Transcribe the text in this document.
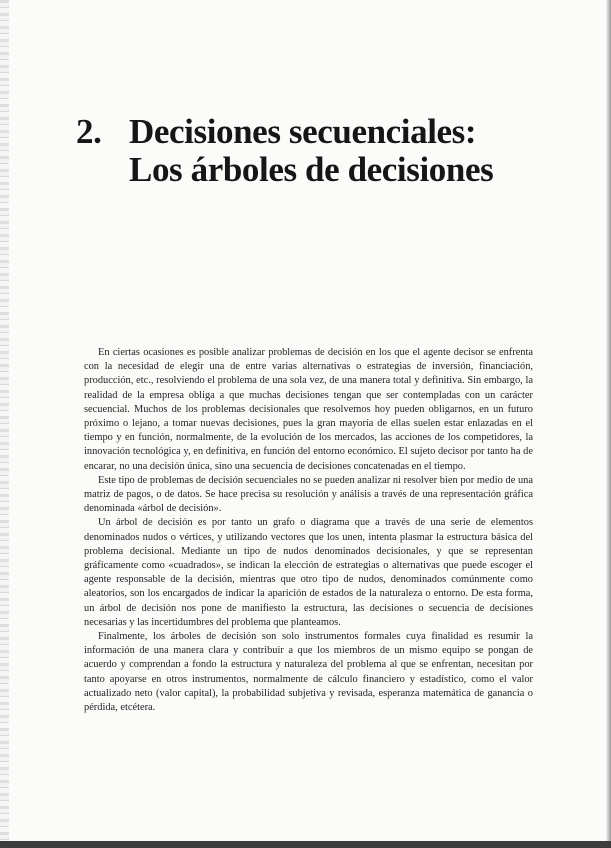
2. Decisiones secuenciales:
Los árboles de decisiones

En ciertas ocasiones es posible analizar problemas de decisión en los que el agente decisor se enfrenta con la necesidad de elegir una de entre varias alternativas o estrategias de inversión, financiación, producción, etc., resolviendo el problema de una sola vez, de una manera total y definitiva. Sin embargo, la realidad de la empresa obliga a que muchas decisiones tengan que ser contempladas con un carácter secuencial. Muchos de los problemas decisionales que resolvemos hoy pueden obligarnos, en un futuro próximo o lejano, a tomar nuevas decisiones, pues la gran mayoría de ellas suelen estar enlazadas en el tiempo y en función, normalmente, de la evolución de los mercados, las acciones de los competidores, la innovación tecnológica y, en definitiva, en función del entorno económico. El sujeto decisor por tanto ha de encarar, no una decisión única, sino una secuencia de decisiones concatenadas en el tiempo.

Este tipo de problemas de decisión secuenciales no se pueden analizar ni resolver bien por medio de una matriz de pagos, o de datos. Se hace precisa su resolución y análisis a través de una representación gráfica denominada «árbol de decisión».

Un árbol de decisión es por tanto un grafo o diagrama que a través de una serie de elementos denominados nudos o vértices, y utilizando vectores que los unen, intenta plasmar la estructura básica del problema decisional. Mediante un tipo de nudos denominados decisionales, y que se representan gráficamente como «cuadrados», se indican la elección de estrategias o alternativas que puede escoger el agente responsable de la decisión, mientras que otro tipo de nudos, denominados comúnmente como aleatorios, son los encargados de indicar la aparición de estados de la naturaleza o entorno. De esta forma, un árbol de decisión nos pone de manifiesto la estructura, las decisiones o secuencia de decisiones necesarias y las incertidumbres del problema que planteamos.

Finalmente, los árboles de decisión son solo instrumentos formales cuya finalidad es resumir la información de una manera clara y contribuir a que los miembros de un mismo equipo se pongan de acuerdo y comprendan a fondo la estructura y naturaleza del problema al que se enfrentan, necesitan por tanto apoyarse en otros instrumentos, normalmente de cálculo financiero y estadístico, como el valor actualizado neto (valor capital), la probabilidad subjetiva y revisada, esperanza matemática de ganancia o pérdida, etcétera.
